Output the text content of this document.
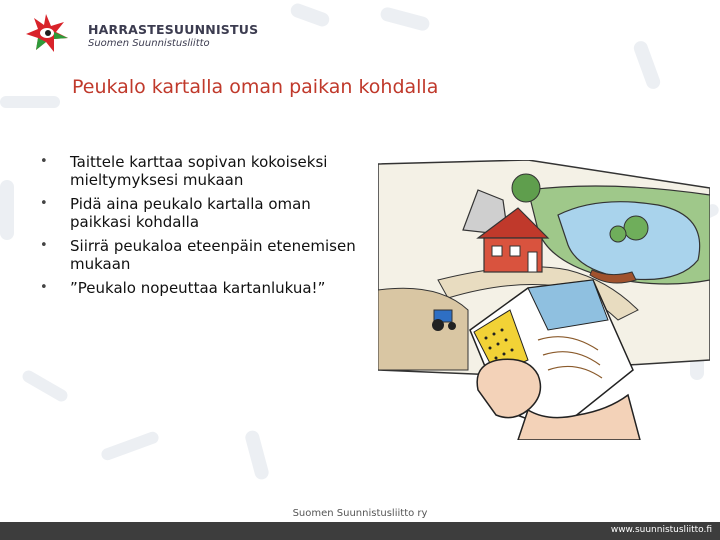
HARRASTESUUNNISTUS
Suomen Suunnistusliitto
Peukalo kartalla oman paikan kohdalla
• Taittele karttaa sopivan kokoiseksi mieltymyksesi mukaan
• Pidä aina peukalo kartalla oman paikkasi kohdalla
• Siirrä peukaloa eteenpäin etenemisen mukaan
• ”Peukalo nopeuttaa kartanlukua!”
Suomen Suunnistusliitto ry
www.suunnistusliitto.fi
